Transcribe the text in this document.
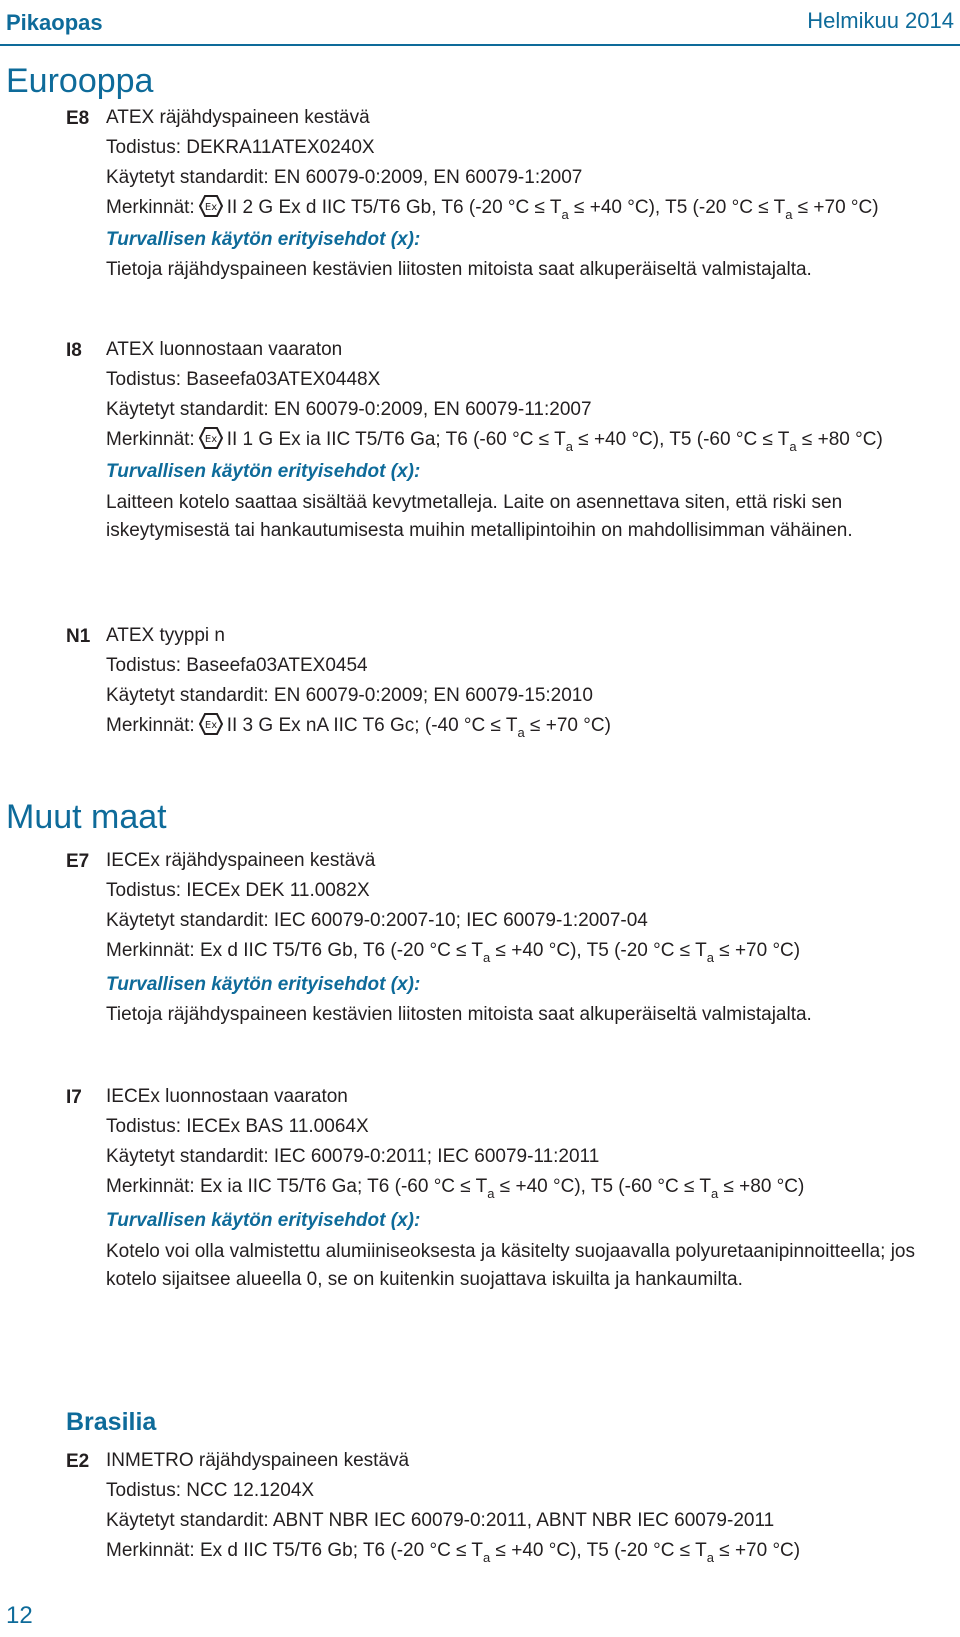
Pikaopas	Helmikuu 2014
Eurooppa
E8 ATEX räjähdyspaineen kestävä
Todistus: DEKRA11ATEX0240X
Käytetyt standardit: EN 60079-0:2009, EN 60079-1:2007
Merkinnät: Ex II 2 G Ex d IIC T5/T6 Gb, T6 (-20 $^\circ C \le T_a \le +40$ °C), T5 (-20 $^\circ C \le T_a \le +70$ °C)
Turvallisen käytön erityisehdot (x):
Tietoja räjähdyspaineen kestävien liitosten mitoista saat alkuperäiseltä valmistajalta.
I8	ATEX luonnostaan vaaraton
Todistus: Baseefa03ATEX0448X
Käytetyt standardit: EN 60079-0:2009, EN 60079-11:2007
Merkinnät: Ex II 1 G Ex ia IIC T5/T6 Ga; T6 (-60 $^\circ C \le T_a \le +40$ °C), T5 (-60 $^\circ C \le T_a \le +80$ °C)
Turvallisen käytön erityisehdot (x):
Laitteen kotelo saattaa sisältää kevytmetalleja. Laite on asennettava siten, että riski sen iskeytymisestä tai hankautumisesta muihin metallipintoihin on mahdollisimman vähäinen.
N1 ATEX tyyppi n
Todistus: Baseefa03ATEX0454
Käytetyt standardit: EN 60079-0:2009; EN 60079-15:2010
Merkinnät: Ex II 3 G Ex nA IIC T6 Gc; (-40 $^\circ C \le T_a \le +70$ °C)
Muut maat
E7 IECEx räjähdyspaineen kestävä
Todistus: IECEx DEK 11.0082X
Käytetyt standardit: IEC 60079-0:2007-10; IEC 60079-1:2007-04
Merkinnät: Ex d IIC T5/T6 Gb, T6 (-20 $^\circ C \le T_a \le +40$ °C), T5 (-20 $^\circ C \le T_a \le +70$ °C)
Turvallisen käytön erityisehdot (x):
Tietoja räjähdyspaineen kestävien liitosten mitoista saat alkuperäiseltä valmistajalta.
I7	IECEx luonnostaan vaaraton
Todistus: IECEx BAS 11.0064X
Käytetyt standardit: IEC 60079-0:2011; IEC 60079-11:2011
Merkinnät: Ex ia IIC T5/T6 Ga; T6 (-60 $^\circ C \le T_a \le +40$ °C), T5 (-60 $^\circ C \le T_a \le +80$ °C)
Turvallisen käytön erityisehdot (x):
Kotelo voi olla valmistettu alumiiniseoksesta ja käsitelty suojaavalla polyuretaanipinnoitteella; jos kotelo sijaitsee alueella 0, se on kuitenkin suojattava iskuilta ja hankaumilta.
Brasilia
E2 INMETRO räjähdyspaineen kestävä
Todistus: NCC 12.1204X
Käytetyt standardit: ABNT NBR IEC 60079-0:2011, ABNT NBR IEC 60079-2011
Merkinnät: Ex d IIC T5/T6 Gb; T6 (-20 $^\circ C \le T_a \le +40$ °C), T5 (-20 $^\circ C \le T_a \le +70$ °C)
12
